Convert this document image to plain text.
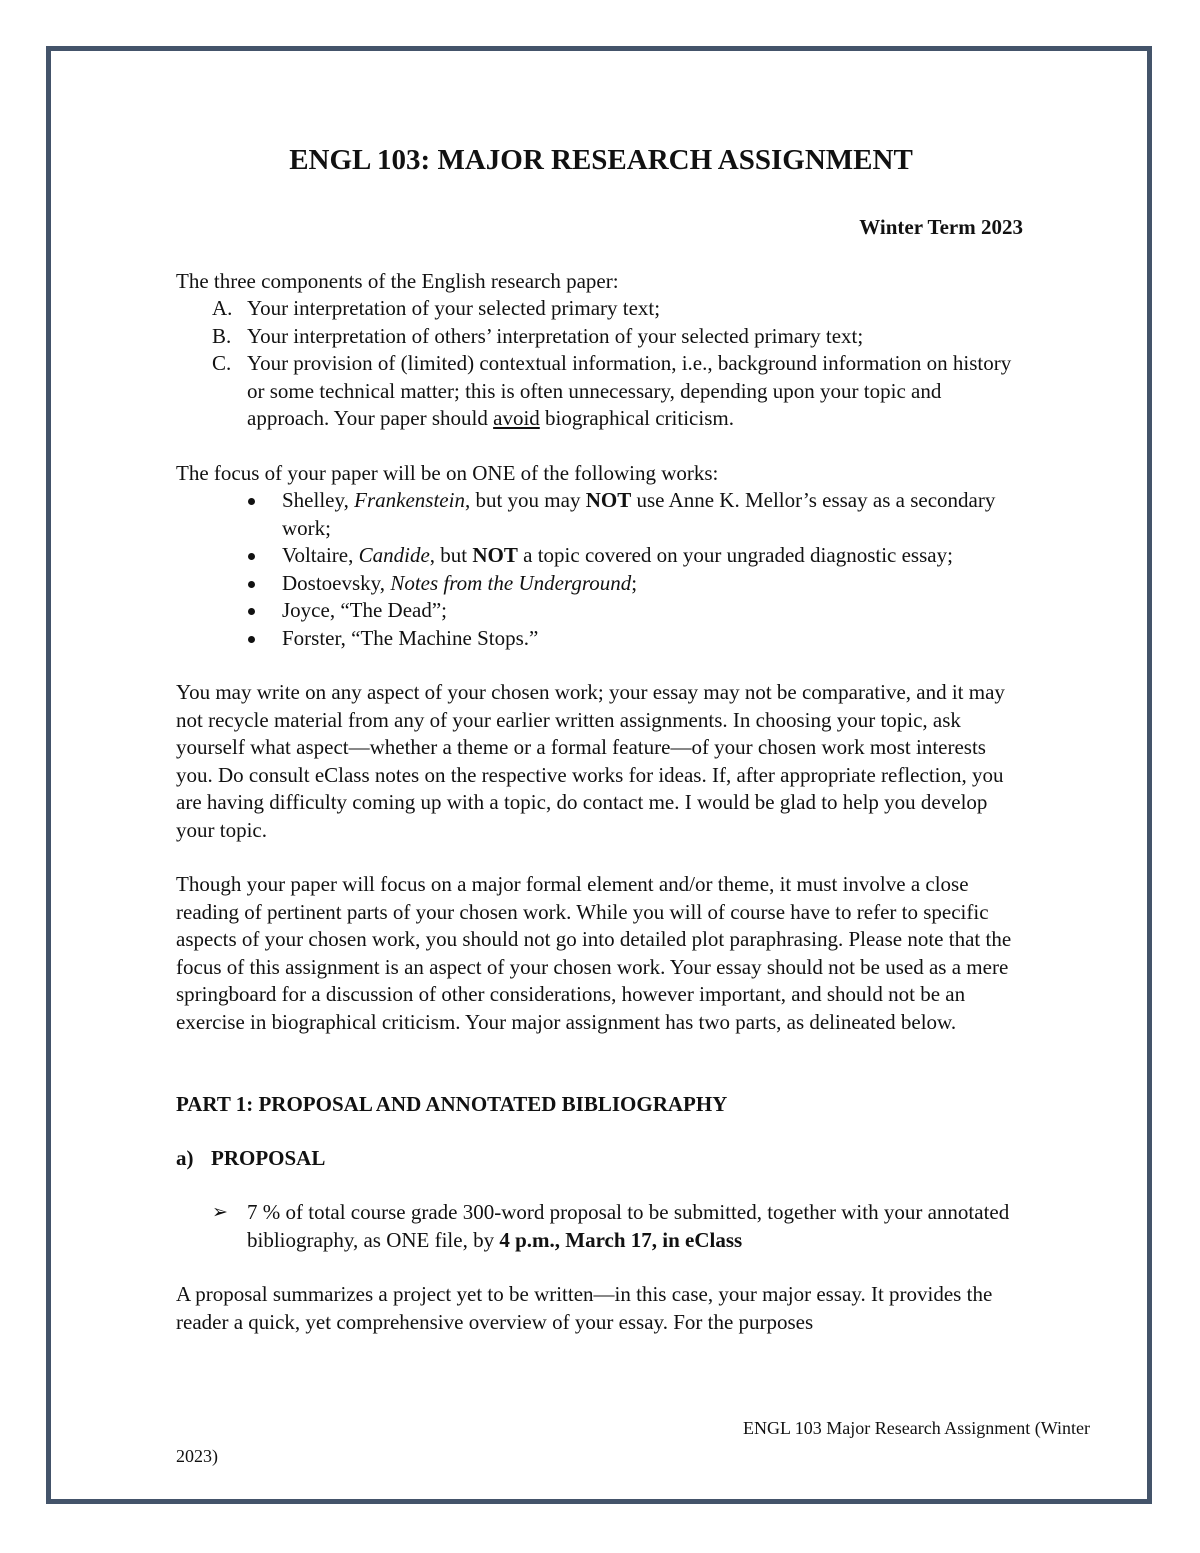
ENGL 103: MAJOR RESEARCH ASSIGNMENT

Winter Term 2023

The three components of the English research paper:

A. Your interpretation of your selected primary text;
B. Your interpretation of others’ interpretation of your selected primary text;
C. Your provision of (limited) contextual information, i.e., background information on history or some technical matter; this is often unnecessary, depending upon your topic and approach. Your paper should avoid biographical criticism.

The focus of your paper will be on ONE of the following works:

Shelley, Frankenstein, but you may NOT use Anne K. Mellor’s essay as a secondary work;
Voltaire, Candide, but NOT a topic covered on your ungraded diagnostic essay;
Dostoevsky, Notes from the Underground;
Joyce, “The Dead”;
Forster, “The Machine Stops.”

You may write on any aspect of your chosen work; your essay may not be comparative, and it may not recycle material from any of your earlier written assignments. In choosing your topic, ask yourself what aspect—whether a theme or a formal feature—of your chosen work most interests you. Do consult eClass notes on the respective works for ideas. If, after appropriate reflection, you are having difficulty coming up with a topic, do contact me. I would be glad to help you develop your topic.

Though your paper will focus on a major formal element and/or theme, it must involve a close reading of pertinent parts of your chosen work. While you will of course have to refer to specific aspects of your chosen work, you should not go into detailed plot paraphrasing. Please note that the focus of this assignment is an aspect of your chosen work. Your essay should not be used as a mere springboard for a discussion of other considerations, however important, and should not be an exercise in biographical criticism. Your major assignment has two parts, as delineated below.

PART 1: PROPOSAL AND ANNOTATED BIBLIOGRAPHY

a) PROPOSAL

➢ 7 % of total course grade 300-word proposal to be submitted, together with your annotated bibliography, as ONE file, by 4 p.m., March 17, in eClass

A proposal summarizes a project yet to be written—in this case, your major essay. It provides the reader a quick, yet comprehensive overview of your essay. For the purposes

ENGL 103 Major Research Assignment (Winter
2023)
